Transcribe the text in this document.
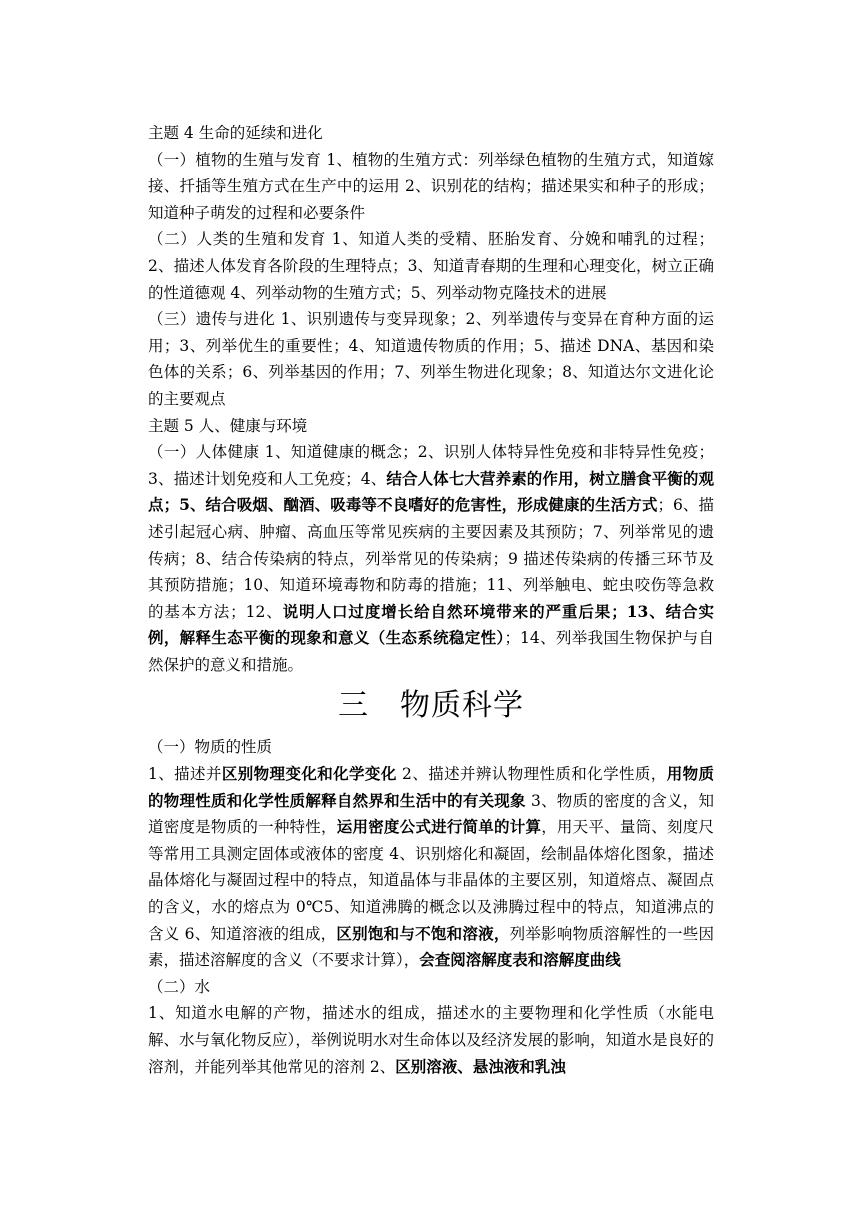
主题 4 生命的延续和进化

（一）植物的生殖与发育 1、植物的生殖方式：列举绿色植物的生殖方式，知道嫁接、扦插等生殖方式在生产中的运用 2、识别花的结构；描述果实和种子的形成；知道种子萌发的过程和必要条件

（二）人类的生殖和发育 1、知道人类的受精、胚胎发育、分娩和哺乳的过程；2、描述人体发育各阶段的生理特点；3、知道青春期的生理和心理变化，树立正确的性道德观 4、列举动物的生殖方式；5、列举动物克隆技术的进展

（三）遗传与进化 1、识别遗传与变异现象；2、列举遗传与变异在育种方面的运用；3、列举优生的重要性；4、知道遗传物质的作用；5、描述 DNA、基因和染色体的关系；6、列举基因的作用；7、列举生物进化现象；8、知道达尔文进化论的主要观点

主题 5 人、健康与环境

（一）人体健康 1、知道健康的概念；2、识别人体特异性免疫和非特异性免疫；3、描述计划免疫和人工免疫；4、结合人体七大营养素的作用，树立膳食平衡的观点；5、结合吸烟、酗酒、吸毒等不良嗜好的危害性，形成健康的生活方式；6、描述引起冠心病、肿瘤、高血压等常见疾病的主要因素及其预防；7、列举常见的遗传病；8、结合传染病的特点，列举常见的传染病；9 描述传染病的传播三环节及其预防措施；10、知道环境毒物和防毒的措施；11、列举触电、蛇虫咬伤等急救的基本方法；12、说明人口过度增长给自然环境带来的严重后果；13、结合实例，解释生态平衡的现象和意义（生态系统稳定性）；14、列举我国生物保护与自然保护的意义和措施。

三　物质科学

（一）物质的性质

1、描述并区别物理变化和化学变化 2、描述并辨认物理性质和化学性质，用物质的物理性质和化学性质解释自然界和生活中的有关现象 3、物质的密度的含义，知道密度是物质的一种特性，运用密度公式进行简单的计算，用天平、量筒、刻度尺等常用工具测定固体或液体的密度 4、识别熔化和凝固，绘制晶体熔化图象，描述晶体熔化与凝固过程中的特点，知道晶体与非晶体的主要区别，知道熔点、凝固点的含义，水的熔点为 0℃5、知道沸腾的概念以及沸腾过程中的特点，知道沸点的含义 6、知道溶液的组成，区别饱和与不饱和溶液，列举影响物质溶解性的一些因素，描述溶解度的含义（不要求计算），会查阅溶解度表和溶解度曲线

（二）水

1、知道水电解的产物，描述水的组成，描述水的主要物理和化学性质（水能电解、水与氧化物反应），举例说明水对生命体以及经济发展的影响，知道水是良好的溶剂，并能列举其他常见的溶剂 2、区别溶液、悬浊液和乳浊
